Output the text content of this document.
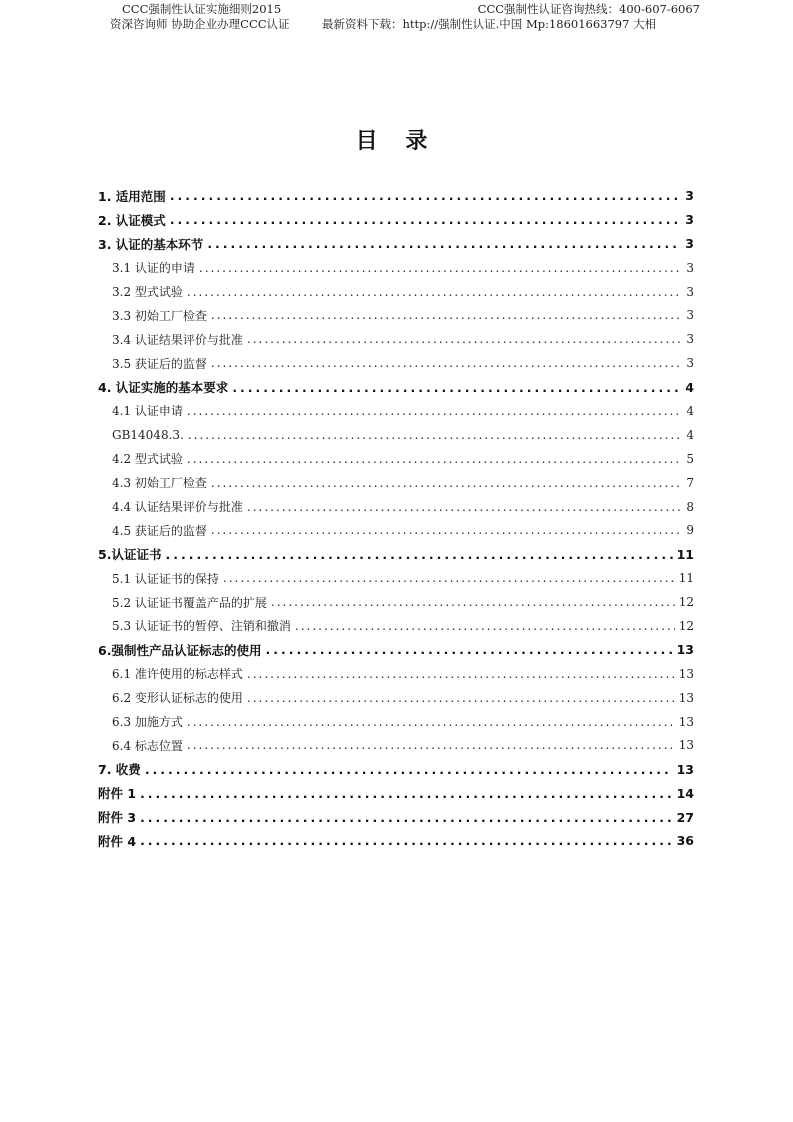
CCC强制性认证实施细则2015	CCC强制性认证咨询热线：400-607-6067
资深咨询师 协助企业办理CCC认证	最新资料下载：http://强制性认证.中国 Mp:18601663797 大相
目 录
1. 适用范围 .....	3
2. 认证模式 .....	3
3. 认证的基本环节 .....	3
3.1 认证的申请 .....	3
3.2 型式试验 .....	3
3.3 初始工厂检查 .....	3
3.4 认证结果评价与批准 .....	3
3.5 获证后的监督 .....	3
4. 认证实施的基本要求 .....	4
4.1 认证申请 .....	4
GB14048.3. .....	4
4.2 型式试验 .....	5
4.3 初始工厂检查 .....	7
4.4 认证结果评价与批准 .....	8
4.5 获证后的监督 .....	9
5.认证证书 .....	11
5.1 认证证书的保持 .....	11
5.2 认证证书覆盖产品的扩展 .....	12
5.3 认证证书的暂停、注销和撤消 .....	12
6.强制性产品认证标志的使用 .....	13
6.1 准许使用的标志样式 .....	13
6.2 变形认证标志的使用 .....	13
6.3 加施方式 .....	13
6.4 标志位置 .....	13
7. 收费 .....	13
附件 1 .....	14
附件 3 .....	27
附件 4 .....	36
